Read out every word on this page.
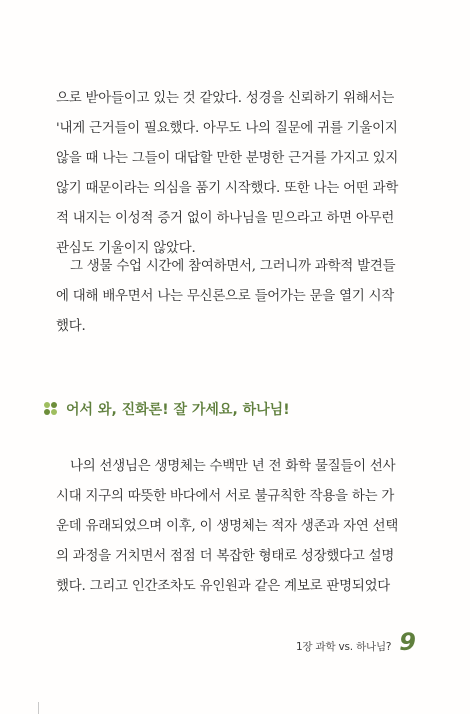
으로 받아들이고 있는 것 같았다. 성경을 신뢰하기 위해서는
'내게 근거들이 필요했다. 아무도 나의 질문에 귀를 기울이지
않을 때 나는 그들이 대답할 만한 분명한 근거를 가지고 있지
않기 때문이라는 의심을 품기 시작했다. 또한 나는 어떤 과학
적 내지는 이성적 증거 없이 하나님을 믿으라고 하면 아무런
관심도 기울이지 않았다.

그 생물 수업 시간에 참여하면서, 그러니까 과학적 발견들
에 대해 배우면서 나는 무신론으로 들어가는 문을 열기 시작
했다.

어서 와, 진화론! 잘 가세요, 하나님!

나의 선생님은 생명체는 수백만 년 전 화학 물질들이 선사
시대 지구의 따뜻한 바다에서 서로 불규칙한 작용을 하는 가
운데 유래되었으며 이후, 이 생명체는 적자 생존과 자연 선택
의 과정을 거치면서 점점 더 복잡한 형태로 성장했다고 설명
했다. 그리고 인간조차도 유인원과 같은 계보로 판명되었다

1장 과학 vs. 하나님? 9
